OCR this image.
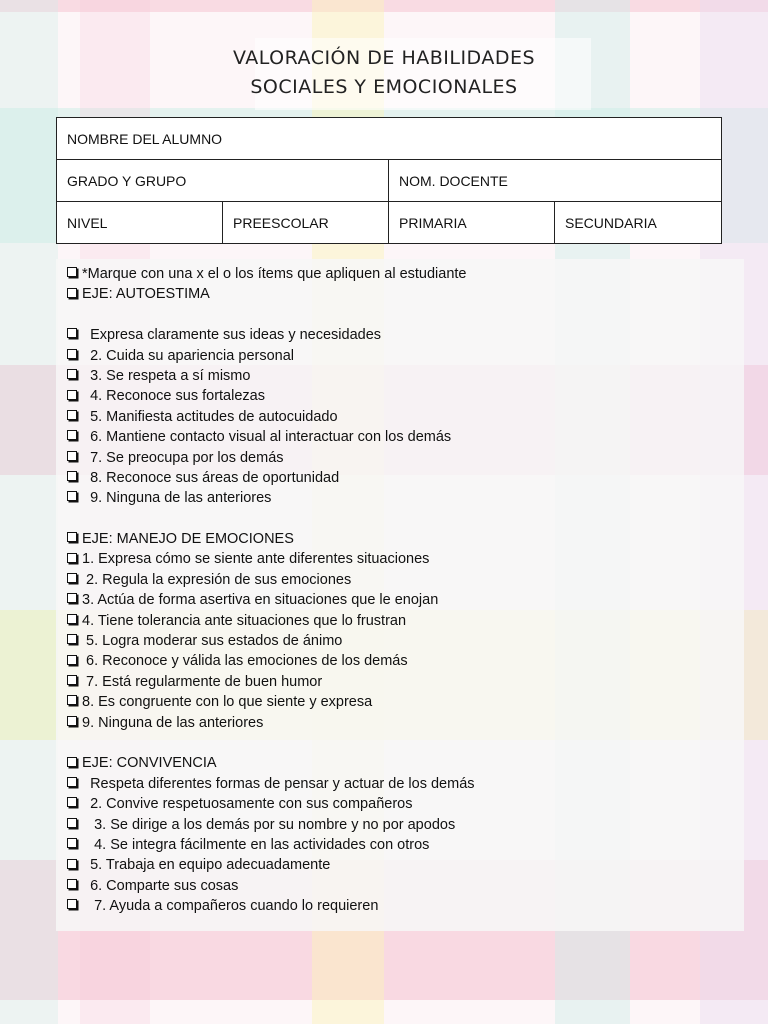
VALORACIÓN DE HABILIDADES
SOCIALES Y EMOCIONALES
NOMBRE DEL ALUMNO			
GRADO Y GRUPO		NOM. DOCENTE	
NIVEL	PREESCOLAR	PRIMARIA	SECUNDARIA
*Marque con una x el o los ítems que apliquen al estudiante
EJE: AUTOESTIMA
Expresa claramente sus ideas y necesidades
2. Cuida su apariencia personal
3. Se respeta a sí mismo
4. Reconoce sus fortalezas
5. Manifiesta actitudes de autocuidado
6. Mantiene contacto visual al interactuar con los demás
7. Se preocupa por los demás
8. Reconoce sus áreas de oportunidad
9. Ninguna de las anteriores
EJE: MANEJO DE EMOCIONES
1. Expresa cómo se siente ante diferentes situaciones
2. Regula la expresión de sus emociones
3. Actúa de forma asertiva en situaciones que le enojan
4. Tiene tolerancia ante situaciones que lo frustran
5. Logra moderar sus estados de ánimo
6. Reconoce y válida las emociones de los demás
7. Está regularmente de buen humor
8. Es congruente con lo que siente y expresa
9. Ninguna de las anteriores
EJE: CONVIVENCIA
Respeta diferentes formas de pensar y actuar de los demás
2. Convive respetuosamente con sus compañeros
3. Se dirige a los demás por su nombre y no por apodos
4. Se integra fácilmente en las actividades con otros
5. Trabaja en equipo adecuadamente
6. Comparte sus cosas
7. Ayuda a compañeros cuando lo requieren
